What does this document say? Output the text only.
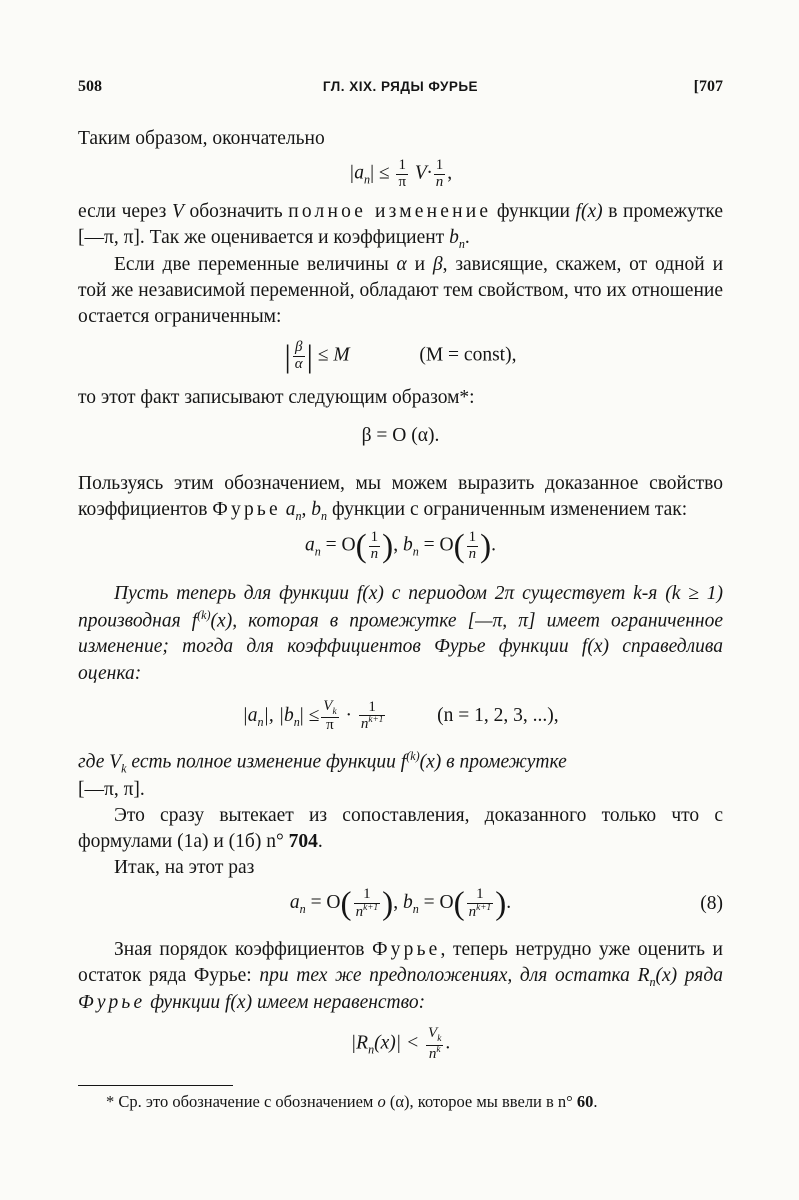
508	ГЛ. XIX. РЯДЫ ФУРЬЕ	[707

Таким образом, окончательно

$|a_n| \le \frac{1}{\pi} V\cdot \frac{1}{n}$ ,

если через V обозначить полное изменение функции f(x) в промежутке [—π, π]. Так же оценивается и коэффициент $b_n$.

Если две переменные величины α и β, зависящие, скажем, от одной и той же независимой переменной, обладают тем свойством, что их отношение остается ограниченным:

| $\frac{\beta}{\alpha}$ | ≤ M	(M = const),

то этот факт записывают следующим образом*:

β = O (α).

Пользуясь этим обозначением, мы можем выразить доказанное свойство коэффициентов Фурье $a_n$, $b_n$ функции с ограниченным изменением так:

$a_n = O( \frac{1}{n}$ ), $b_n = O( \frac{1}{n}$ ).

Пусть теперь для функции f(x) с периодом 2π существует k-я (k ≥ 1) производная $f^{(k)}(x)$, которая в промежутке [—π, π] имеет ограниченное изменение; тогда для коэффициентов Фурье функции f(x) справедлива оценка:

$|a_n|$, $|b_n| \le \frac{V_k}{\pi} \cdot \frac{1}{n^{k+1}}$	(n = 1, 2, 3, ...),

где $V_k$ есть полное изменение функции $f^{(k)}(x)$ в промежутке
[—π, π].

Это сразу вытекает из сопоставления, доказанного только что с формулами (1а) и (1б) n° 704.

Итак, на этот раз

$a_n = O( \frac{1}{n^{k+1}}$ ), $b_n = O( \frac{1}{n^{k+1}}$ ).	(8)

Зная порядок коэффициентов Фурье, теперь нетрудно уже оценить и остаток ряда Фурье: при тех же предположениях, для остатка $R_n(x)$ ряда Фурье функции f(x) имеем неравенство:

$|R_n(x)| < \frac{V_k}{n^k}$ .

* Ср. это обозначение с обозначением o (α), которое мы ввели в n° 60.
